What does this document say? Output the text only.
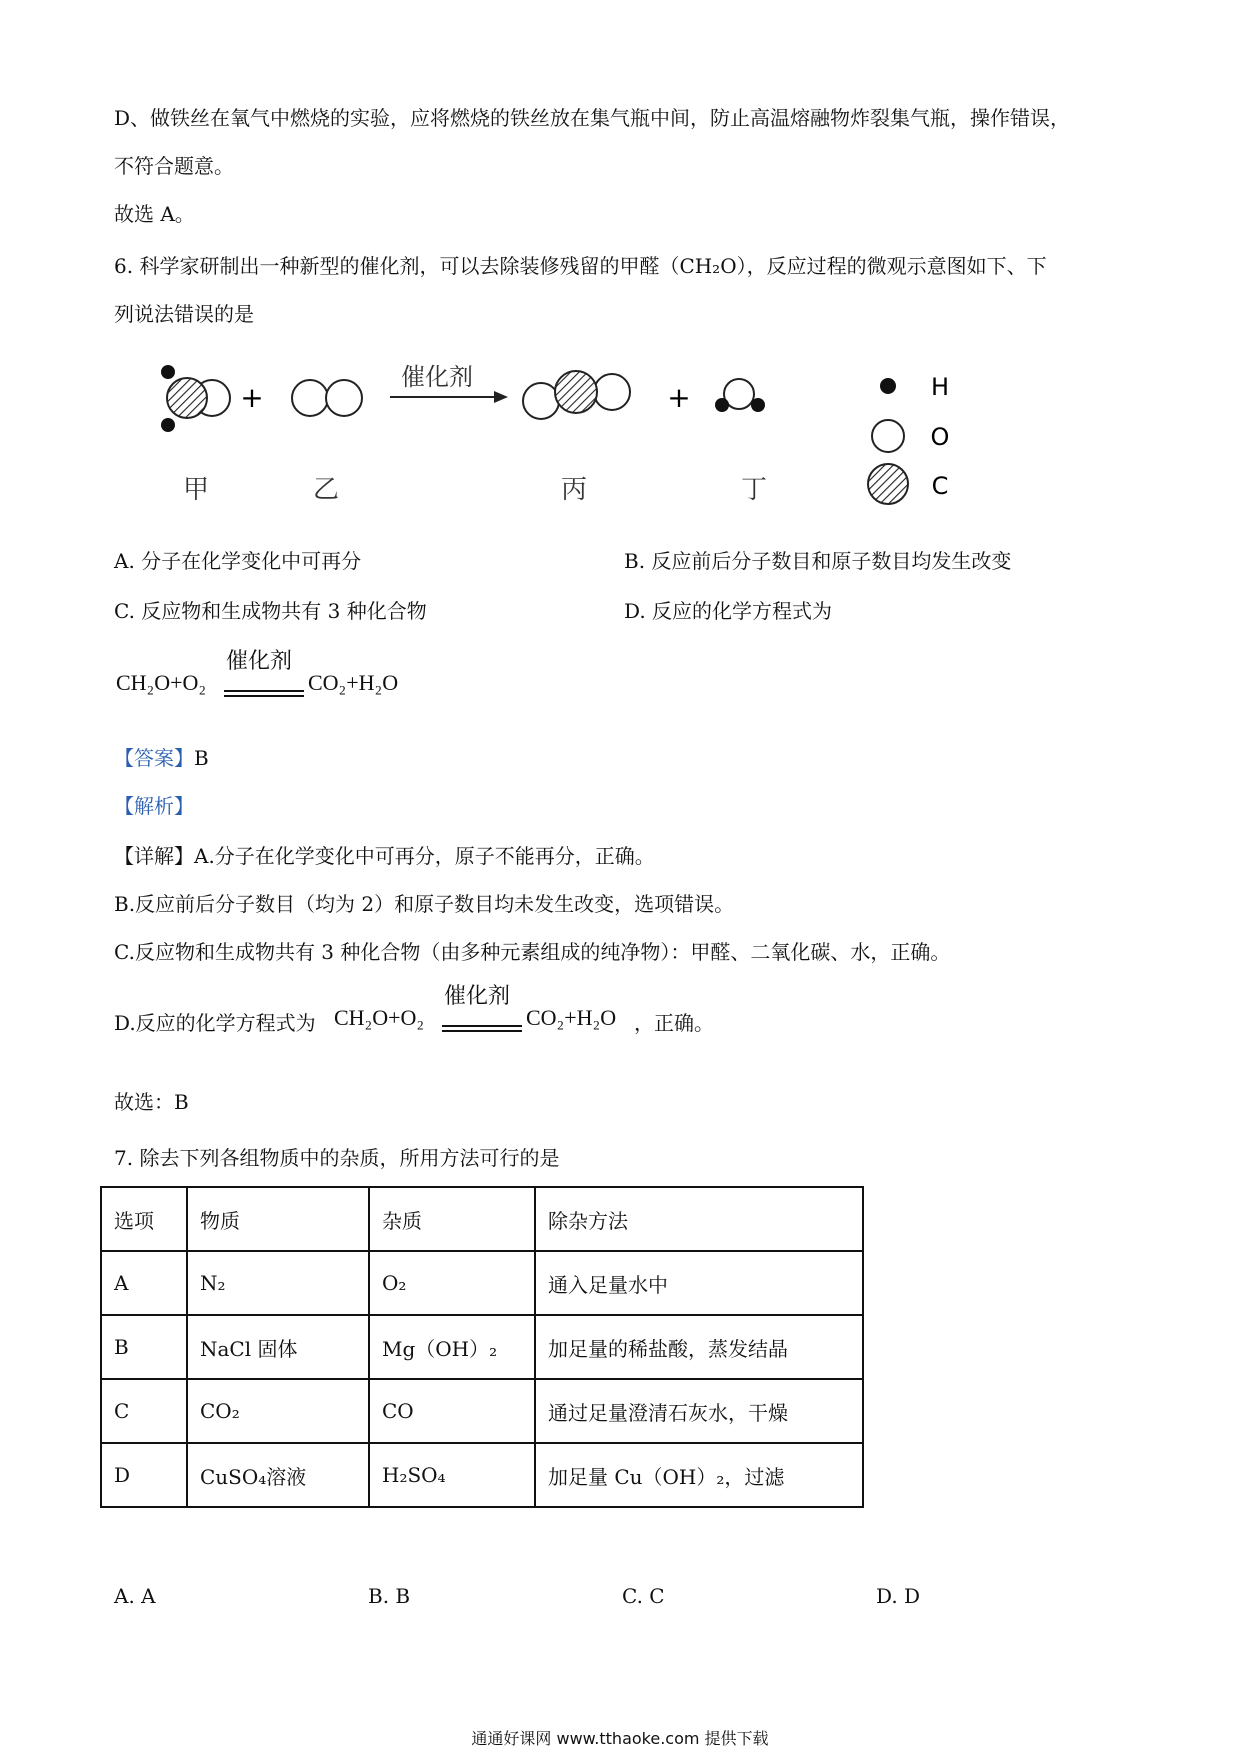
D、做铁丝在氧气中燃烧的实验，应将燃烧的铁丝放在集气瓶中间，防止高温熔融物炸裂集气瓶，操作错误，
不符合题意。
故选 A。
6. 科学家研制出一种新型的催化剂，可以去除装修残留的甲醛（CH₂O），反应过程的微观示意图如下、下
列说法错误的是
+
催化剂
+	H
O
C
甲	乙	丙	丁
A. 分子在化学变化中可再分	B. 反应前后分子数目和原子数目均发生改变
C. 反应物和生成物共有 3 种化合物	D. 反应的化学方程式为
CH₂O+O₂
催化剂
CO₂+H₂O
【答案】B
【解析】
【详解】A.分子在化学变化中可再分，原子不能再分，正确。
B.反应前后分子数目（均为 2）和原子数目均未发生改变，选项错误。
C.反应物和生成物共有 3 种化合物（由多种元素组成的纯净物）：甲醛、二氧化碳、水，正确。
D.反应的化学方程式为 CH₂O+O₂
催化剂
CO₂+H₂O ，正确。
故选：B
7. 除去下列各组物质中的杂质，所用方法可行的是
选项	物质	杂质	除杂方法
A	N₂	O₂	通入足量水中
B	NaCl 固体	Mg（OH）₂	加足量的稀盐酸，蒸发结晶
C	CO₂	CO	通过足量澄清石灰水，干燥
D	CuSO₄溶液	H₂SO₄	加足量 Cu（OH）₂，过滤
A. A	B. B	C. C	D. D
通通好课网 www.tthaoke.com 提供下载
